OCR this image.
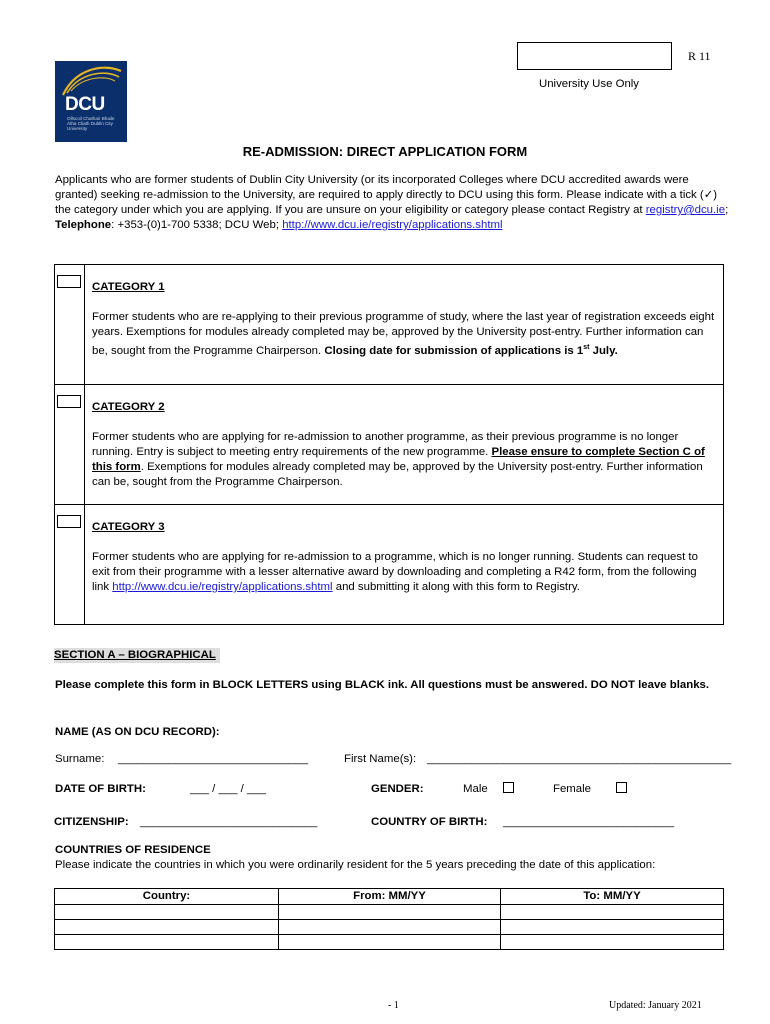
R 11
University Use Only
DCU
Ollscoil Chathair Bhaile Átha Cliath Dublin City University
RE-ADMISSION: DIRECT APPLICATION FORM

Applicants who are former students of Dublin City University (or its incorporated Colleges where DCU accredited awards were granted) seeking re-admission to the University, are required to apply directly to DCU using this form. Please indicate with a tick (✓) the category under which you are applying. If you are unsure on your eligibility or category please contact Registry at registry@dcu.ie; Telephone: +353-(0)1-700 5338; DCU Web; http://www.dcu.ie/registry/applications.shtml

	CATEGORY 1

Former students who are re-applying to their previous programme of study, where the last year of registration exceeds eight years. Exemptions for modules already completed may be, approved by the University post-entry. Further information can be, sought from the Programme Chairperson. Closing date for submission of applications is 1st July.

	CATEGORY 2

Former students who are applying for re-admission to another programme, as their previous programme is no longer running. Entry is subject to meeting entry requirements of the new programme. Please ensure to complete Section C of this form. Exemptions for modules already completed may be, approved by the University post-entry. Further information can be, sought from the Programme Chairperson.

	CATEGORY 3

Former students who are applying for re-admission to a programme, which is no longer running. Students can request to exit from their programme with a lesser alternative award by downloading and completing a R42 form, from the following link http://www.dcu.ie/registry/applications.shtml and submitting it along with this form to Registry.

SECTION A – BIOGRAPHICAL
Please complete this form in BLOCK LETTERS using BLACK ink. All questions must be answered. DO NOT leave blanks.
NAME (AS ON DCU RECORD):
Surname: ______________________________	First Name(s): ________________________________________________
DATE OF BIRTH:	___ / ___ / ___	GENDER:	Male	Female
CITIZENSHIP: ____________________________	COUNTRY OF BIRTH: ___________________________
COUNTRIES OF RESIDENCE
Please indicate the countries in which you were ordinarily resident for the 5 years preceding the date of this application:
Country:	From: MM/YY	To: MM/YY

- 1	Updated: January 2021
